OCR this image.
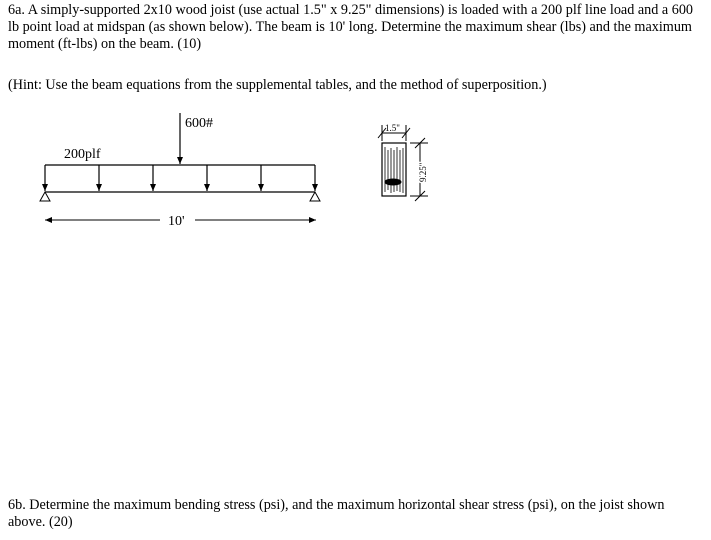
6a. A simply-supported 2x10 wood joist (use actual 1.5" x 9.25" dimensions) is loaded with a 200 plf line load and a 600 lb point load at midspan (as shown below). The beam is 10' long. Determine the maximum shear (lbs) and the maximum moment (ft-lbs) on the beam. (10)

(Hint: Use the beam equations from the supplemental tables, and the method of superposition.)

600#
200plf
10'
1.5"
9.25"

6b. Determine the maximum bending stress (psi), and the maximum horizontal shear stress (psi), on the joist shown above. (20)
